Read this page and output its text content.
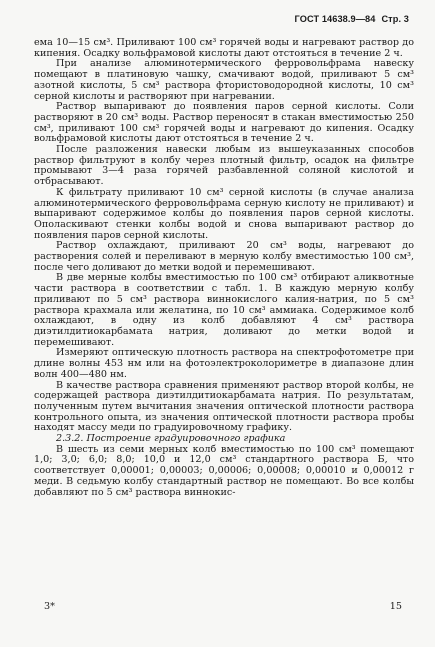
ГОСТ 14638.9—84 Стр. 3

ема 10—15 см³. Приливают 100 см³ горячей воды и нагревают раствор до кипения. Осадку вольфрамовой кислоты дают отстояться в течение 2 ч.

При анализе алюминотермического ферровольфрама навеску помещают в платиновую чашку, смачивают водой, приливают 5 см³ азотной кислоты, 5 см³ раствора фтористоводородной кислоты, 10 см³ серной кислоты и растворяют при нагревании.

Раствор выпаривают до появления паров серной кислоты. Соли растворяют в 20 см³ воды. Раствор переносят в стакан вместимостью 250 см³, приливают 100 см³ горячей воды и нагревают до кипения. Осадку вольфрамовой кислоты дают отстояться в течение 2 ч.

После разложения навески любым из вышеуказанных способов раствор фильтруют в колбу через плотный фильтр, осадок на фильтре промывают 3—4 раза горячей разбавленной соляной кислотой и отбрасывают.

К фильтрату приливают 10 см³ серной кислоты (в случае анализа алюминотермического ферровольфрама серную кислоту не приливают) и выпаривают содержимое колбы до появления паров серной кислоты. Ополаскивают стенки колбы водой и снова выпаривают раствор до появления паров серной кислоты.

Раствор охлаждают, приливают 20 см³ воды, нагревают до растворения солей и переливают в мерную колбу вместимостью 100 см³, после чего доливают до метки водой и перемешивают.

В две мерные колбы вместимостью по 100 см³ отбирают аликвотные части раствора в соответствии с табл. 1. В каждую мерную колбу приливают по 5 см³ раствора виннокислого калия-натрия, по 5 см³ раствора крахмала или желатина, по 10 см³ аммиака. Содержимое колб охлаждают, в одну из колб добавляют 4 см³ раствора диэтилдитиокарбамата натрия, доливают до метки водой и перемешивают.

Измеряют оптическую плотность раствора на спектрофотометре при длине волны 453 нм или на фотоэлектроколориметре в диапазоне длин волн 400—480 нм.

В качестве раствора сравнения применяют раствор второй колбы, не содержащей раствора диэтилдитиокарбамата натрия. По результатам, полученным путем вычитания значения оптической плотности раствора контрольного опыта, из значения оптической плотности раствора пробы находят массу меди по градуировочному графику.

2.3.2. Построение градуировочного графика

В шесть из семи мерных колб вместимостью по 100 см³ помещают 1,0; 3,0; 6,0; 8,0; 10,0 и 12,0 см³ стандартного раствора Б, что соответствует 0,00001; 0,00003; 0,00006; 0,00008; 0,00010 и 0,00012 г меди. В седьмую колбу стандартный раствор не помещают. Во все колбы добавляют по 5 см³ раствора виннокис-

3*	15
